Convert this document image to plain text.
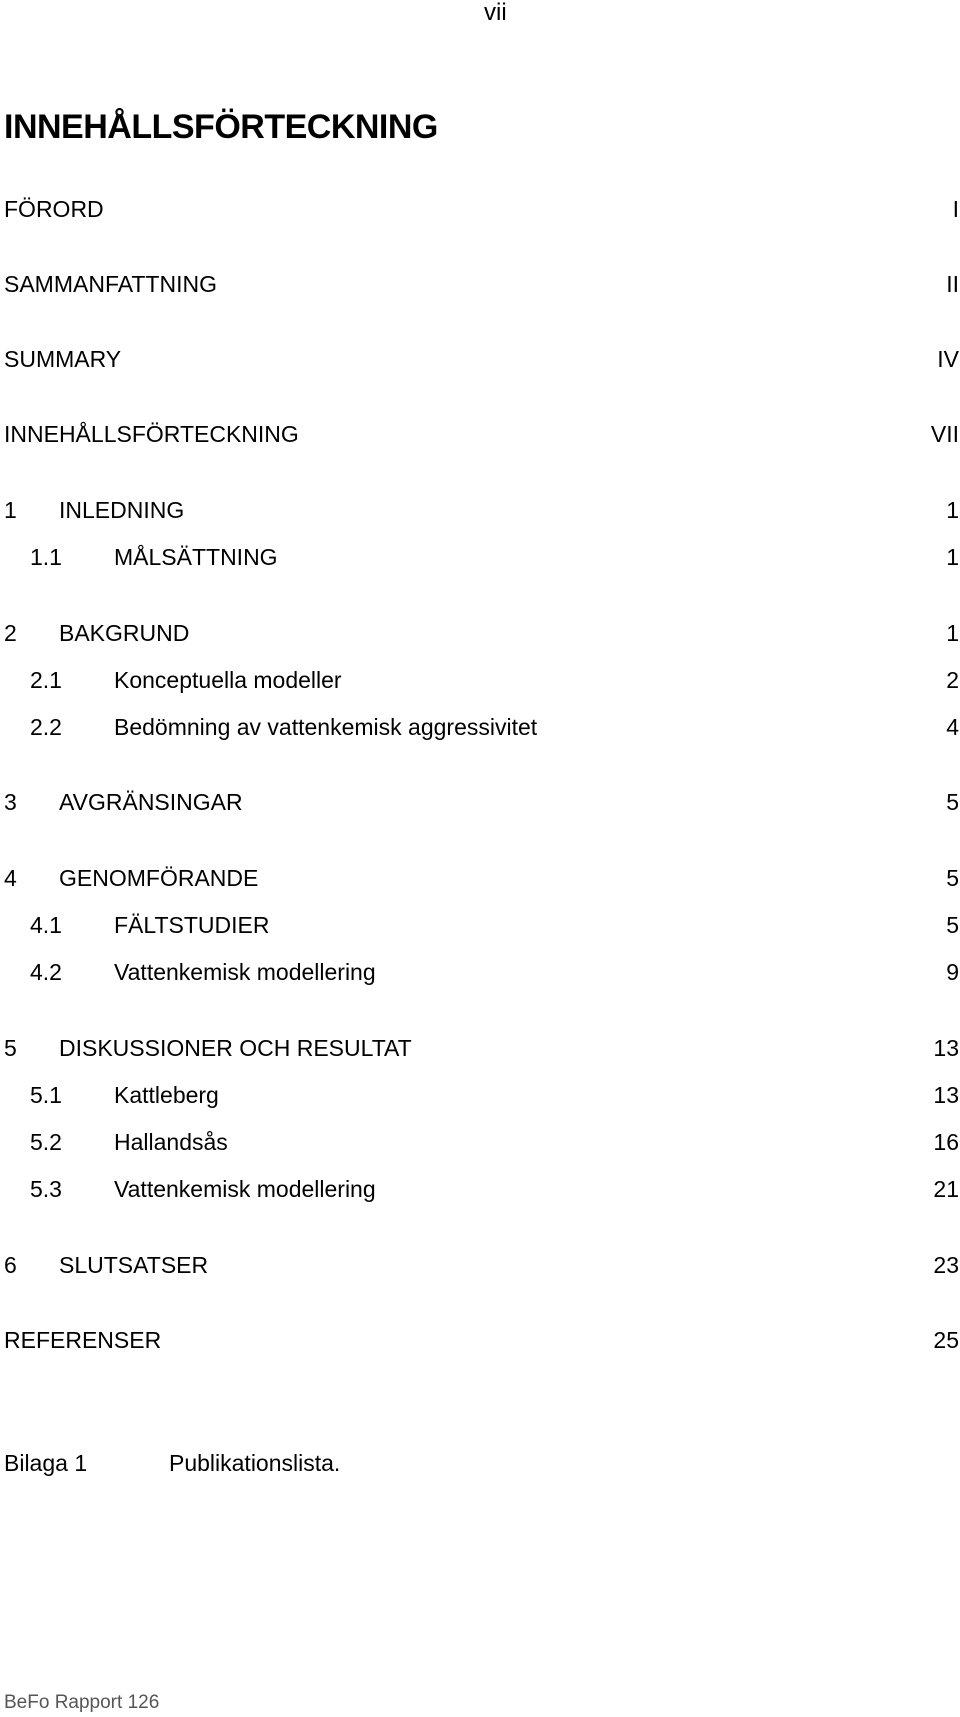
vii
INNEHÅLLSFÖRTECKNING
FÖRORD	I
SAMMANFATTNING	II
SUMMARY	IV
INNEHÅLLSFÖRTECKNING	VII
1 INLEDNING	1
1.1 MÅLSÄTTNING	1
2 BAKGRUND	1
2.1 Konceptuella modeller	2
2.2 Bedömning av vattenkemisk aggressivitet	4
3 AVGRÄNSINGAR	5
4 GENOMFÖRANDE	5
4.1 FÄLTSTUDIER	5
4.2 Vattenkemisk modellering	9
5 DISKUSSIONER OCH RESULTAT	13
5.1 Kattleberg	13
5.2 Hallandsås	16
5.3 Vattenkemisk modellering	21
6 SLUTSATSER	23
REFERENSER	25
Bilaga 1	Publikationslista.
BeFo Rapport 126
